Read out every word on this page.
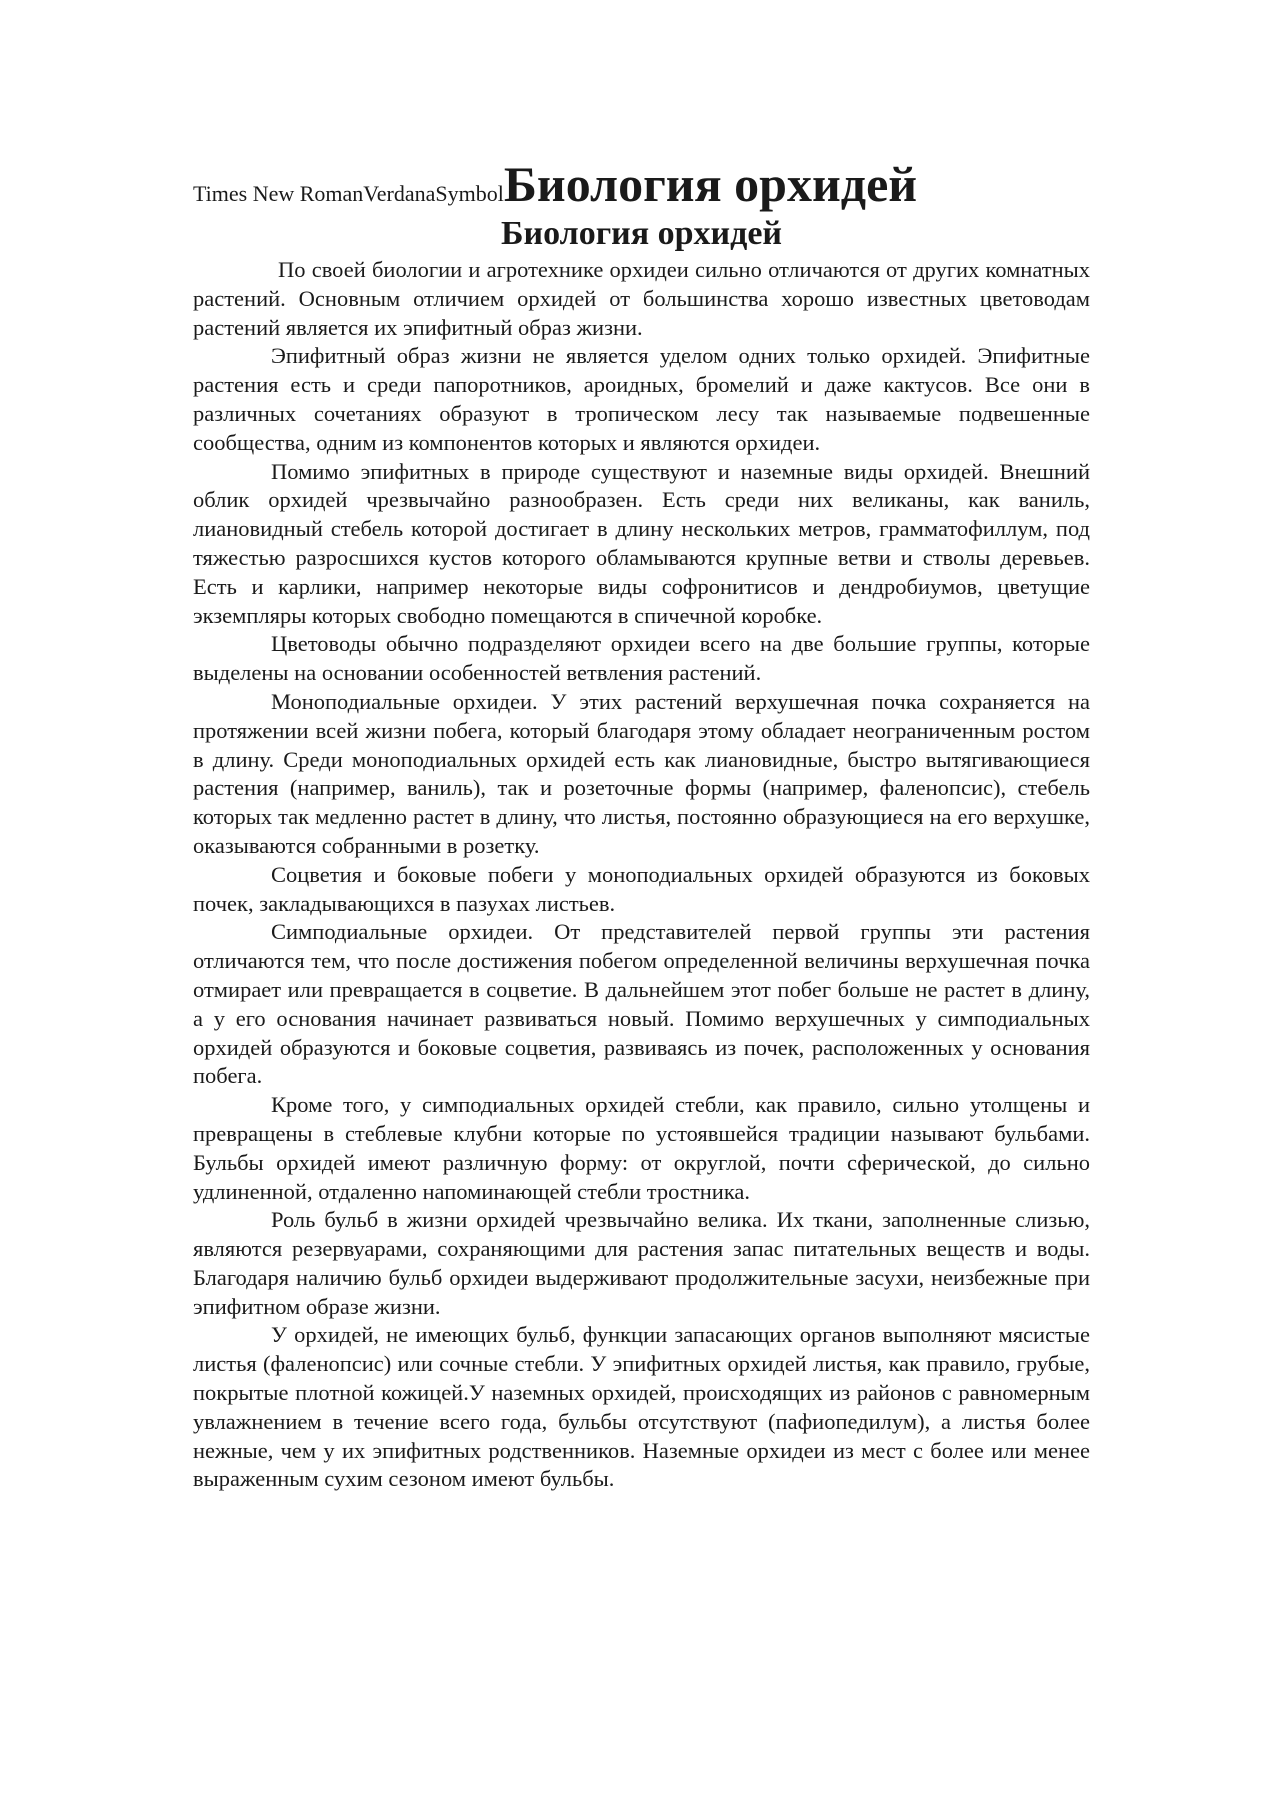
Times New RomanVerdanaSymbolБиология орхидей
Биология орхидей

По своей биологии и агротехнике орхидеи сильно отличаются от других комнатных растений. Основным отличием орхидей от большинства хорошо известных цветоводам растений является их эпифитный образ жизни.

Эпифитный образ жизни не является уделом одних только орхидей. Эпифитные растения есть и среди папоротников, ароидных, бромелий и даже кактусов. Все они в различных сочетаниях образуют в тропическом лесу так называемые подвешенные сообщества, одним из компонентов которых и являются орхидеи.

Помимо эпифитных в природе существуют и наземные виды орхидей. Внешний облик орхидей чрезвычайно разнообразен. Есть среди них великаны, как ваниль, лиановидный стебель которой достигает в длину нескольких метров, грамматофиллум, под тяжестью разросшихся кустов которого обламываются крупные ветви и стволы деревьев. Есть и карлики, например некоторые виды софронитисов и дендробиумов, цветущие экземпляры которых свободно помещаются в спичечной коробке.

Цветоводы обычно подразделяют орхидеи всего на две большие группы, которые выделены на основании особенностей ветвления растений.

Моноподиальные орхидеи. У этих растений верхушечная почка сохраняется на протяжении всей жизни побега, который благодаря этому обладает неограниченным ростом в длину. Среди моноподиальных орхидей есть как лиановидные, быстро вытягивающиеся растения (например, ваниль), так и розеточные формы (например, фаленопсис), стебель которых так медленно растет в длину, что листья, постоянно образующиеся на его верхушке, оказываются собранными в розетку.

Соцветия и боковые побеги у моноподиальных орхидей образуются из боковых почек, закладывающихся в пазухах листьев.

Симподиальные орхидеи. От представителей первой группы эти растения отличаются тем, что после достижения побегом определенной величины верхушечная почка отмирает или превращается в соцветие. В дальнейшем этот побег больше не растет в длину, а у его основания начинает развиваться новый. Помимо верхушечных у симподиальных орхидей образуются и боковые соцветия, развиваясь из почек, расположенных у основания побега.

Кроме того, у симподиальных орхидей стебли, как правило, сильно утолщены и превращены в стеблевые клубни которые по устоявшейся традиции называют бульбами. Бульбы орхидей имеют различную форму: от округлой, почти сферической, до сильно удлиненной, отдаленно напоминающей стебли тростника.

Роль бульб в жизни орхидей чрезвычайно велика. Их ткани, заполненные слизью, являются резервуарами, сохраняющими для растения запас питательных веществ и воды. Благодаря наличию бульб орхидеи выдерживают продолжительные засухи, неизбежные при эпифитном образе жизни.

У орхидей, не имеющих бульб, функции запасающих органов выполняют мясистые листья (фаленопсис) или сочные стебли. У эпифитных орхидей листья, как правило, грубые, покрытые плотной кожицей.У наземных орхидей, происходящих из районов с равномерным увлажнением в течение всего года, бульбы отсутствуют (пафиопедилум), а листья более нежные, чем у их эпифитных родственников. Наземные орхидеи из мест с более или менее выраженным сухим сезоном имеют бульбы.
